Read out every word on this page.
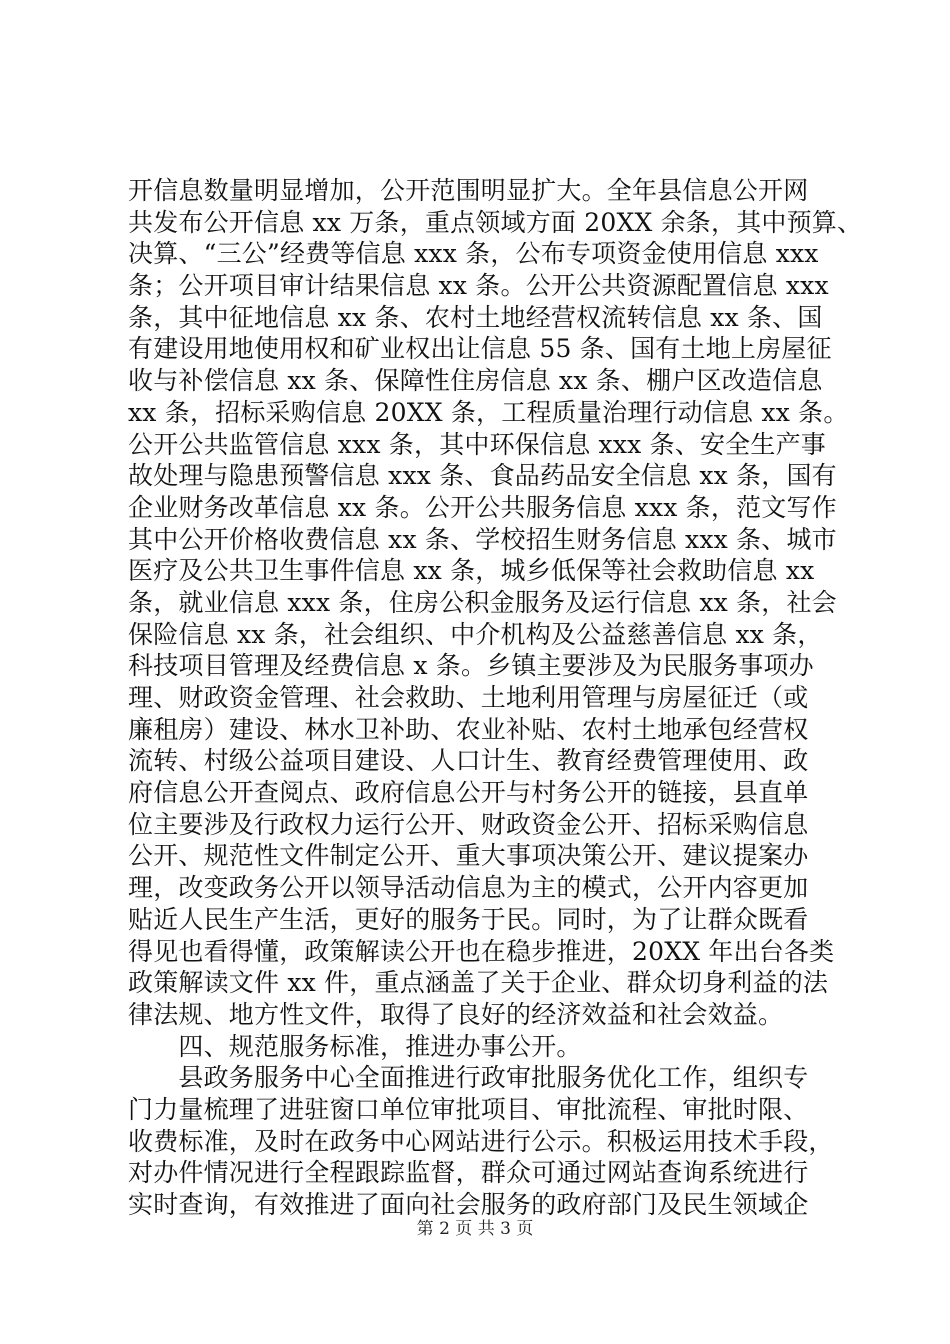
开信息数量明显增加，公开范围明显扩大。全年县信息公开网
共发布公开信息 xx 万条，重点领域方面 20XX 余条，其中预算、
决算、“三公”经费等信息 xxx 条，公布专项资金使用信息 xxx
条；公开项目审计结果信息 xx 条。公开公共资源配置信息 xxx
条，其中征地信息 xx 条、农村土地经营权流转信息 xx 条、国
有建设用地使用权和矿业权出让信息 55 条、国有土地上房屋征
收与补偿信息 xx 条、保障性住房信息 xx 条、棚户区改造信息
xx 条，招标采购信息 20XX 条，工程质量治理行动信息 xx 条。
公开公共监管信息 xxx 条，其中环保信息 xxx 条、安全生产事
故处理与隐患预警信息 xxx 条、食品药品安全信息 xx 条，国有
企业财务改革信息 xx 条。公开公共服务信息 xxx 条，范文写作
其中公开价格收费信息 xx 条、学校招生财务信息 xxx 条、城市
医疗及公共卫生事件信息 xx 条，城乡低保等社会救助信息 xx
条，就业信息 xxx 条，住房公积金服务及运行信息 xx 条，社会
保险信息 xx 条，社会组织、中介机构及公益慈善信息 xx 条，
科技项目管理及经费信息 x 条。乡镇主要涉及为民服务事项办
理、财政资金管理、社会救助、土地利用管理与房屋征迁（或
廉租房）建设、林水卫补助、农业补贴、农村土地承包经营权
流转、村级公益项目建设、人口计生、教育经费管理使用、政
府信息公开查阅点、政府信息公开与村务公开的链接，县直单
位主要涉及行政权力运行公开、财政资金公开、招标采购信息
公开、规范性文件制定公开、重大事项决策公开、建议提案办
理，改变政务公开以领导活动信息为主的模式，公开内容更加
贴近人民生产生活，更好的服务于民。同时，为了让群众既看
得见也看得懂，政策解读公开也在稳步推进，20XX 年出台各类
政策解读文件 xx 件，重点涵盖了关于企业、群众切身利益的法
律法规、地方性文件，取得了良好的经济效益和社会效益。
　　四、规范服务标准，推进办事公开。
　　县政务服务中心全面推进行政审批服务优化工作，组织专
门力量梳理了进驻窗口单位审批项目、审批流程、审批时限、
收费标准，及时在政务中心网站进行公示。积极运用技术手段，
对办件情况进行全程跟踪监督，群众可通过网站查询系统进行
实时查询，有效推进了面向社会服务的政府部门及民生领域企
第 2 页 共 3 页
